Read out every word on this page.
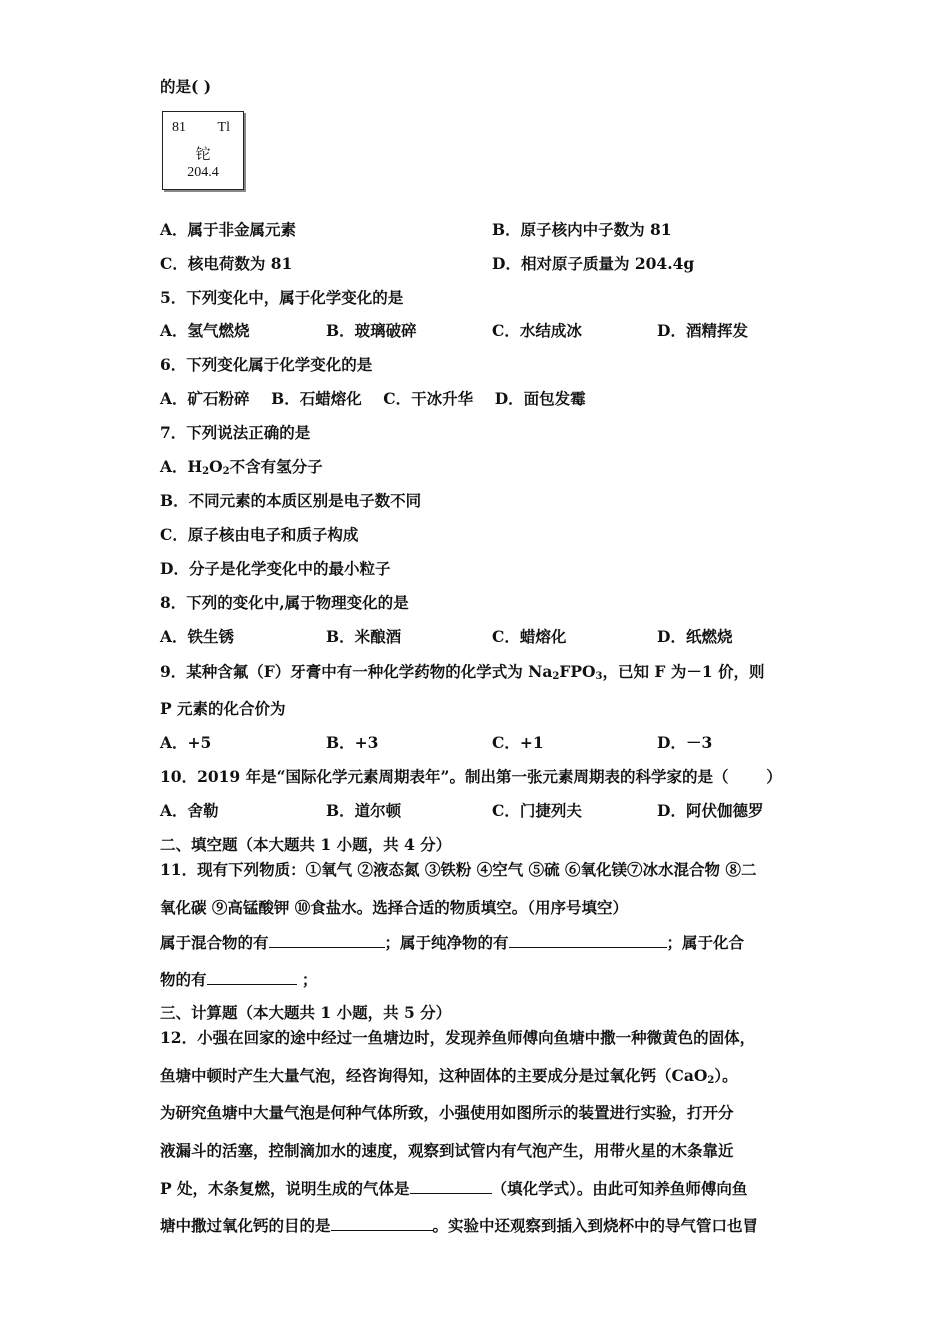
的是( )
81 Tl
铊
204.4
A．属于非金属元素	B．原子核内中子数为 81
C．核电荷数为 81	D．相对原子质量为 204.4g
5．下列变化中，属于化学变化的是
A．氢气燃烧	B．玻璃破碎	C．水结成冰	D．酒精挥发
6．下列变化属于化学变化的是
A．矿石粉碎    B．石蜡熔化    C．干冰升华    D．面包发霉
7．下列说法正确的是
A．$H_2O_2$不含有氢分子
B．不同元素的本质区别是电子数不同
C．原子核由电子和质子构成
D．分子是化学变化中的最小粒子
8．下列的变化中,属于物理变化的是
A．铁生锈	B．米酿酒	C．蜡熔化	D．纸燃烧
9．某种含氟（F）牙膏中有一种化学药物的化学式为 $Na_2FPO_3$，已知 F 为－1 价，则
P 元素的化合价为
A．+5	B．+3	C．+1	D．－3
10．2019 年是“国际化学元素周期表年”。制出第一张元素周期表的科学家的是（       ）
A．舍勒	B．道尔顿	C．门捷列夫	D．阿伏伽德罗
二、填空题（本大题共 1 小题，共 4 分）
11．现有下列物质：①氧气 ②液态氮 ③铁粉 ④空气 ⑤硫 ⑥氧化镁⑦冰水混合物 ⑧二
氧化碳 ⑨高锰酸钾 ⑩食盐水。选择合适的物质填空。（用序号填空）
属于混合物的有	；属于纯净物的有	；属于化合
物的有	；
三、计算题（本大题共 1 小题，共 5 分）
12．小强在回家的途中经过一鱼塘边时，发现养鱼师傅向鱼塘中撒一种微黄色的固体，
鱼塘中顿时产生大量气泡，经咨询得知，这种固体的主要成分是过氧化钙（CaO$_2$）。
为研究鱼塘中大量气泡是何种气体所致，小强使用如图所示的装置进行实验，打开分
液漏斗的活塞，控制滴加水的速度，观察到试管内有气泡产生，用带火星的木条靠近
P 处，木条复燃，说明生成的气体是	（填化学式）。由此可知养鱼师傅向鱼
塘中撒过氧化钙的目的是	。实验中还观察到插入到烧杯中的导气管口也冒
